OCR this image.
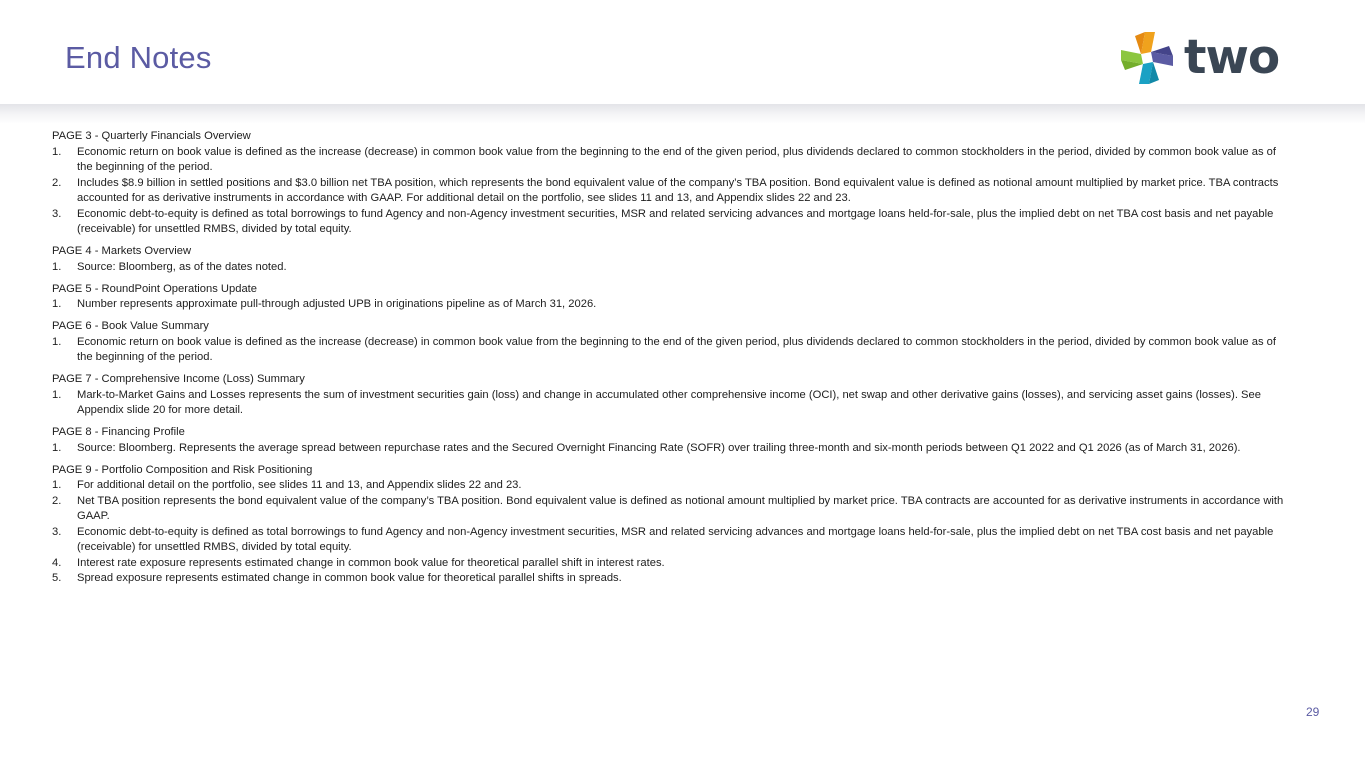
End Notes	two
PAGE 3 - Quarterly Financials Overview
1.	Economic return on book value is defined as the increase (decrease) in common book value from the beginning to the end of the given period, plus dividends declared to common stockholders in the period, divided by common book value as of the beginning of the period.
2.	Includes $8.9 billion in settled positions and $3.0 billion net TBA position, which represents the bond equivalent value of the company’s TBA position. Bond equivalent value is defined as notional amount multiplied by market price. TBA contracts accounted for as derivative instruments in accordance with GAAP. For additional detail on the portfolio, see slides 11 and 13, and Appendix slides 22 and 23.
3.	Economic debt-to-equity is defined as total borrowings to fund Agency and non-Agency investment securities, MSR and related servicing advances and mortgage loans held-for-sale, plus the implied debt on net TBA cost basis and net payable (receivable) for unsettled RMBS, divided by total equity.
PAGE 4 - Markets Overview
1.	Source: Bloomberg, as of the dates noted.
PAGE 5 - RoundPoint Operations Update
1.	Number represents approximate pull-through adjusted UPB in originations pipeline as of March 31, 2026.
PAGE 6 - Book Value Summary
1.	Economic return on book value is defined as the increase (decrease) in common book value from the beginning to the end of the given period, plus dividends declared to common stockholders in the period, divided by common book value as of the beginning of the period.
PAGE 7 - Comprehensive Income (Loss) Summary
1.	Mark-to-Market Gains and Losses represents the sum of investment securities gain (loss) and change in accumulated other comprehensive income (OCI), net swap and other derivative gains (losses), and servicing asset gains (losses). See Appendix slide 20 for more detail.
PAGE 8 - Financing Profile
1.	Source: Bloomberg. Represents the average spread between repurchase rates and the Secured Overnight Financing Rate (SOFR) over trailing three-month and six-month periods between Q1 2022 and Q1 2026 (as of March 31, 2026).
PAGE 9 - Portfolio Composition and Risk Positioning
1.	For additional detail on the portfolio, see slides 11 and 13, and Appendix slides 22 and 23.
2.	Net TBA position represents the bond equivalent value of the company’s TBA position. Bond equivalent value is defined as notional amount multiplied by market price. TBA contracts are accounted for as derivative instruments in accordance with GAAP.
3.	Economic debt-to-equity is defined as total borrowings to fund Agency and non-Agency investment securities, MSR and related servicing advances and mortgage loans held-for-sale, plus the implied debt on net TBA cost basis and net payable (receivable) for unsettled RMBS, divided by total equity.
4.	Interest rate exposure represents estimated change in common book value for theoretical parallel shift in interest rates.
5.	Spread exposure represents estimated change in common book value for theoretical parallel shifts in spreads.
29
